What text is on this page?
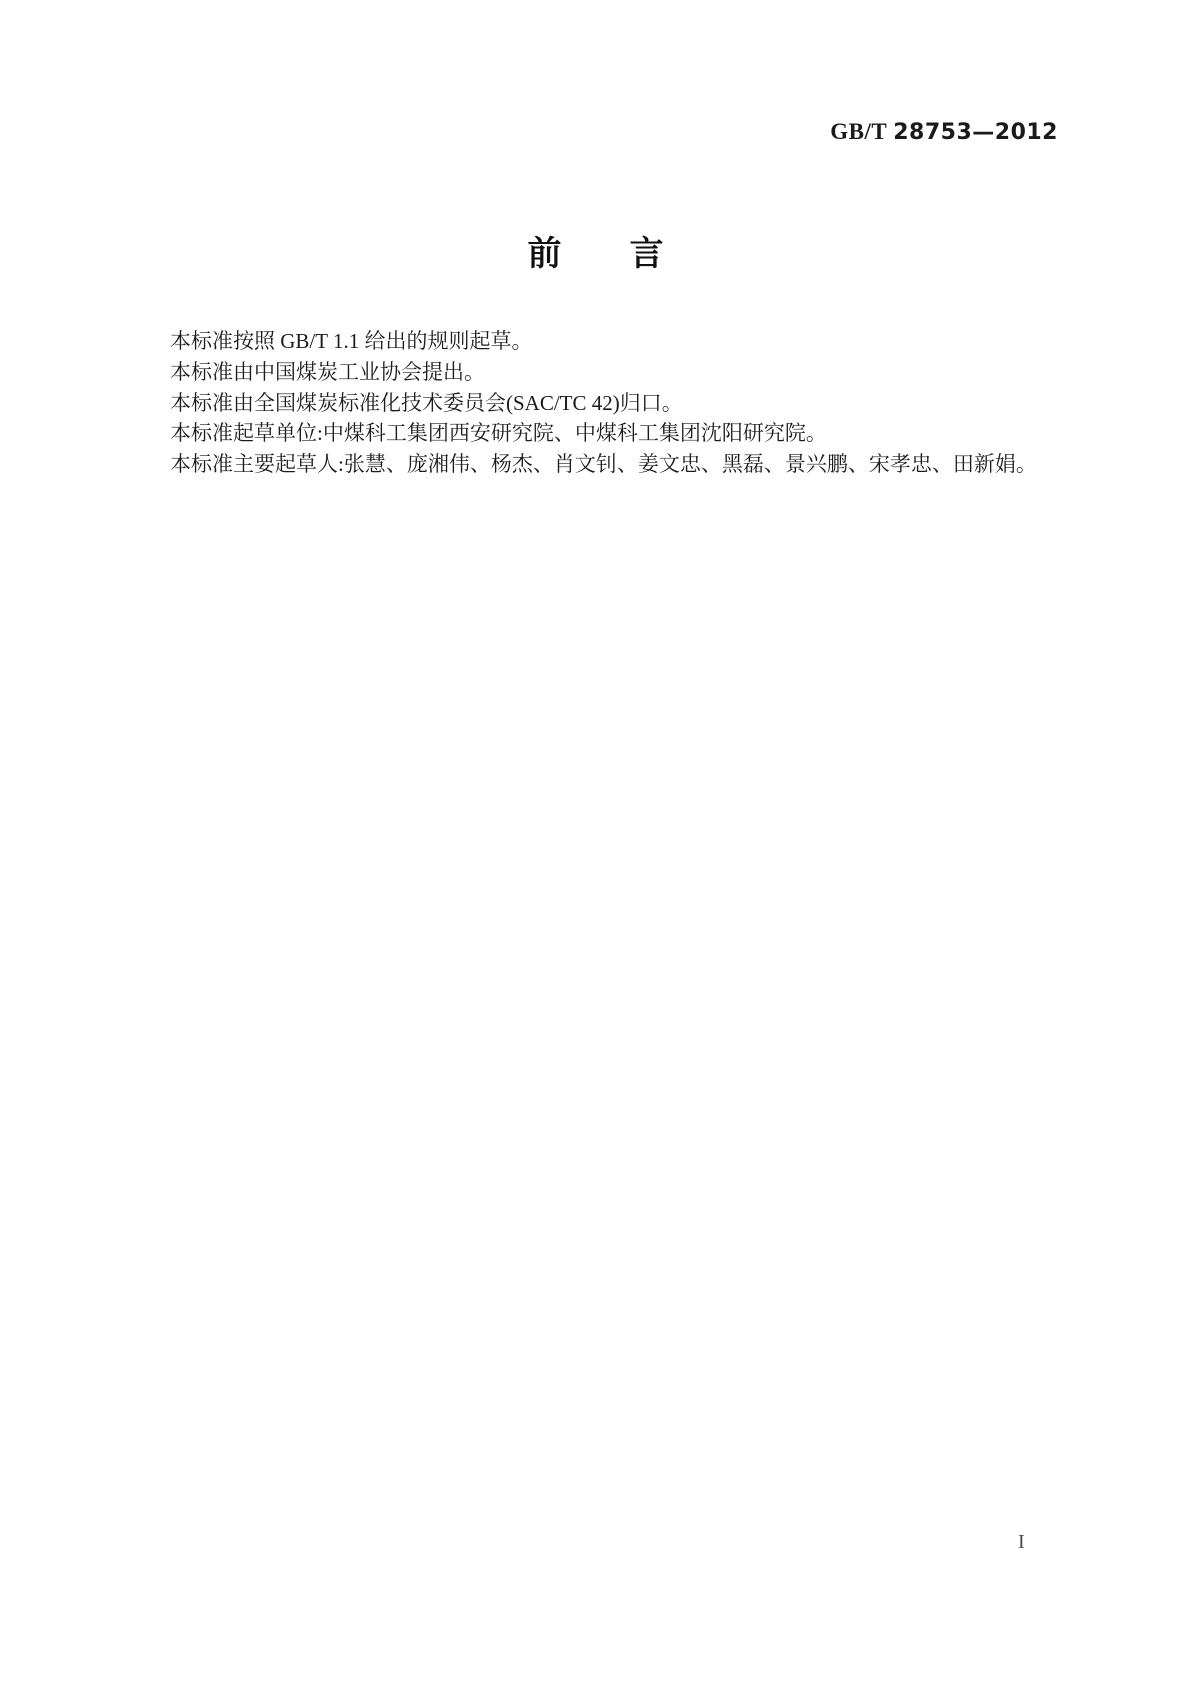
GB/T 28753—2012
前　　言

本标准按照 GB/T 1.1 给出的规则起草。

本标准由中国煤炭工业协会提出。

本标准由全国煤炭标准化技术委员会(SAC/TC 42)归口。

本标准起草单位:中煤科工集团西安研究院、中煤科工集团沈阳研究院。

本标准主要起草人:张慧、庞湘伟、杨杰、肖文钊、姜文忠、黑磊、景兴鹏、宋孝忠、田新娟。

I
